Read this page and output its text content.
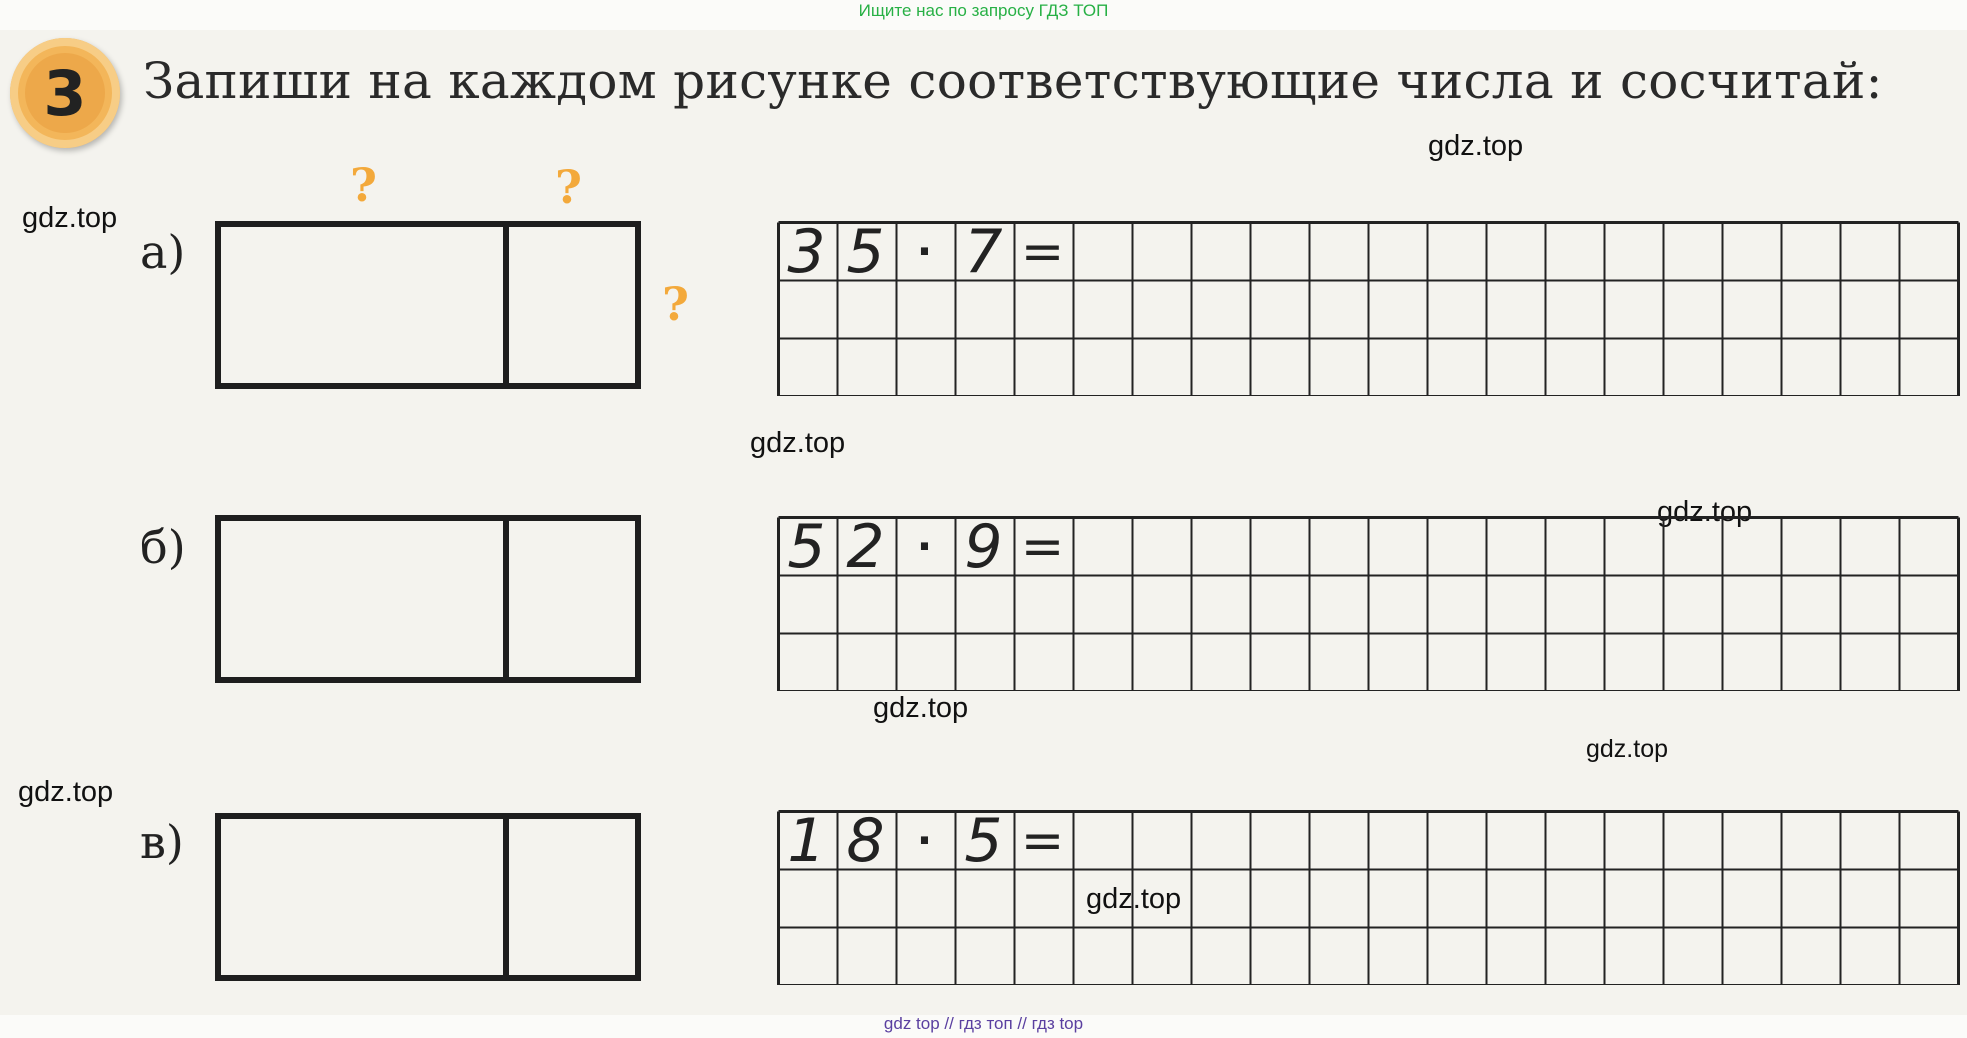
Ищите нас по запросу ГДЗ ТОП
3	Запиши на каждом рисунке соответствующие числа и сосчитай:
gdz.top
gdz.top
gdz.top
gdz.top
gdz.top
gdz.top
gdz.top
gdz.top
?	?
?
а)	3 5 · 7 =
б)	5 2 · 9 =
в)	1 8 · 5 =
gdz top // гдз топ // гдз top
